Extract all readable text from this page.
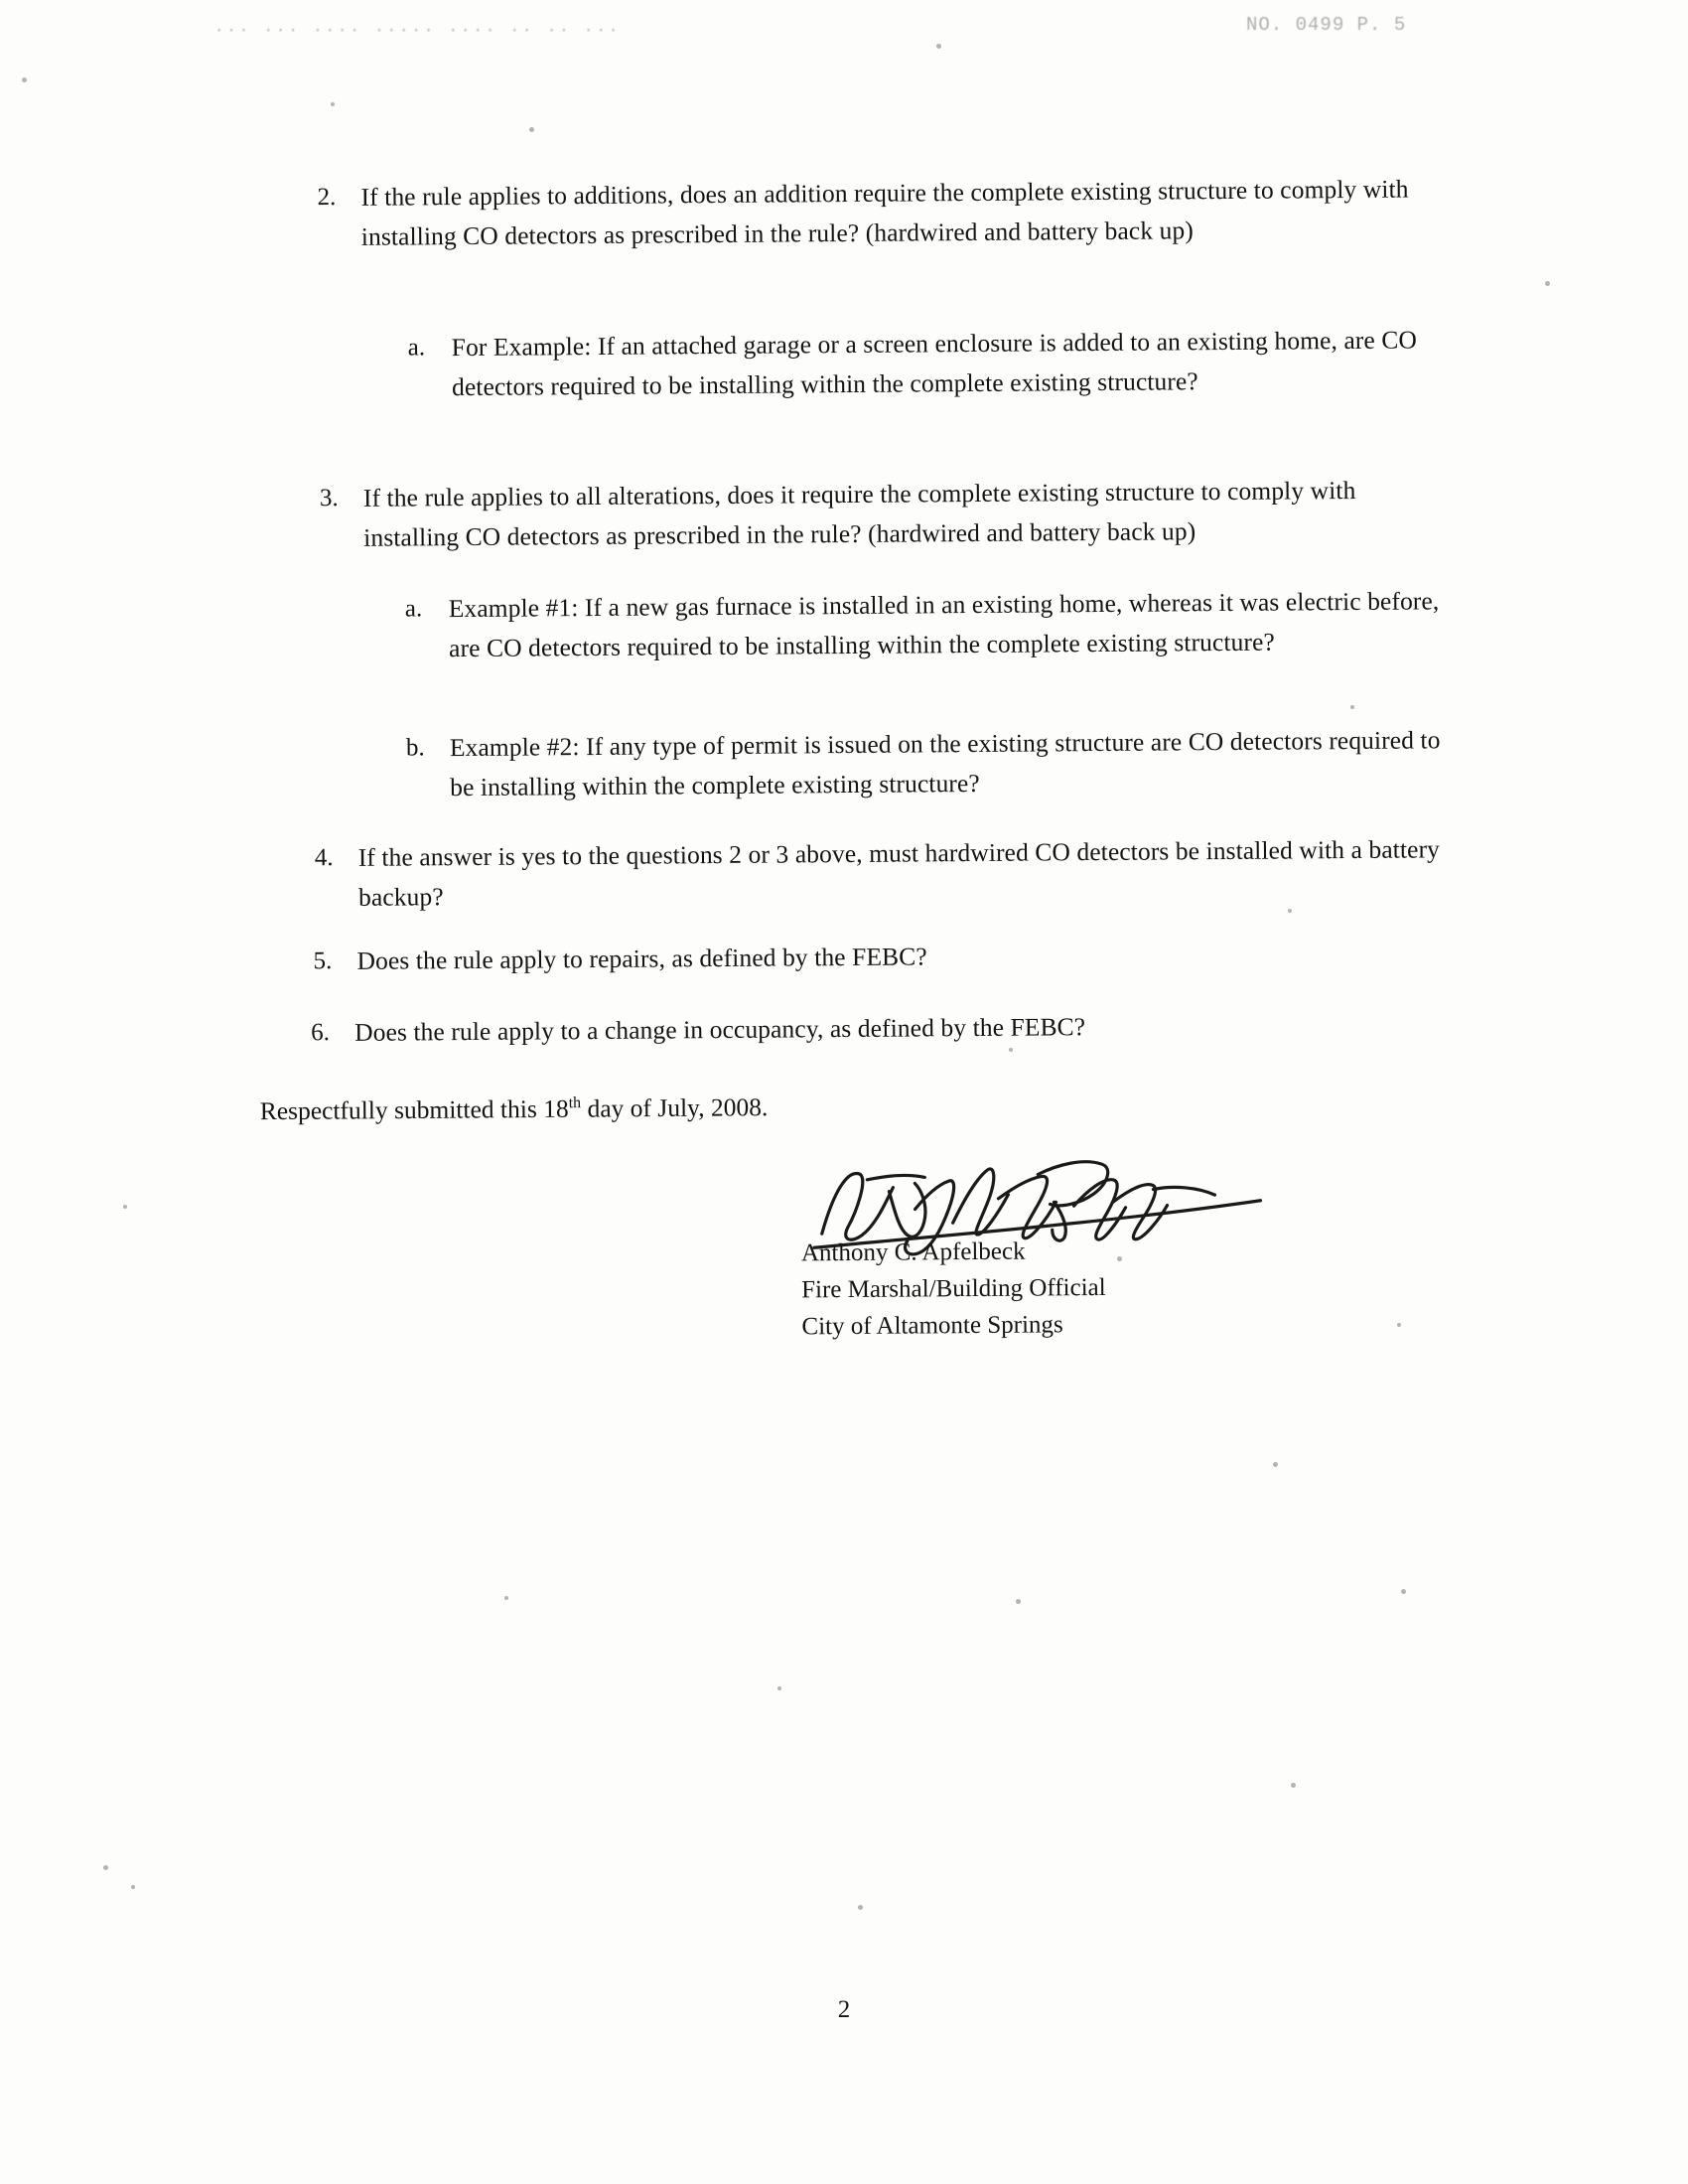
... ... .... ..... .... .. .. ...	NO. 0499 P. 5
2. If the rule applies to additions, does an addition require the complete existing structure to comply with installing CO detectors as prescribed in the rule? (hardwired and battery back up)
a.	For Example: If an attached garage or a screen enclosure is added to an existing home, are CO detectors required to be installing within the complete existing structure?
3. If the rule applies to all alterations, does it require the complete existing structure to comply with installing CO detectors as prescribed in the rule? (hardwired and battery back up)
a.	Example #1: If a new gas furnace is installed in an existing home, whereas it was electric before, are CO detectors required to be installing within the complete existing structure?
b. Example #2: If any type of permit is issued on the existing structure are CO detectors required to be installing within the complete existing structure?
4. If the answer is yes to the questions 2 or 3 above, must hardwired CO detectors be installed with a battery backup?
5. Does the rule apply to repairs, as defined by the FEBC?
6. Does the rule apply to a change in occupancy, as defined by the FEBC?
Respectfully submitted this 18th day of July, 2008.
Anthony C. Apfelbeck
Fire Marshal/Building Official
City of Altamonte Springs
2
